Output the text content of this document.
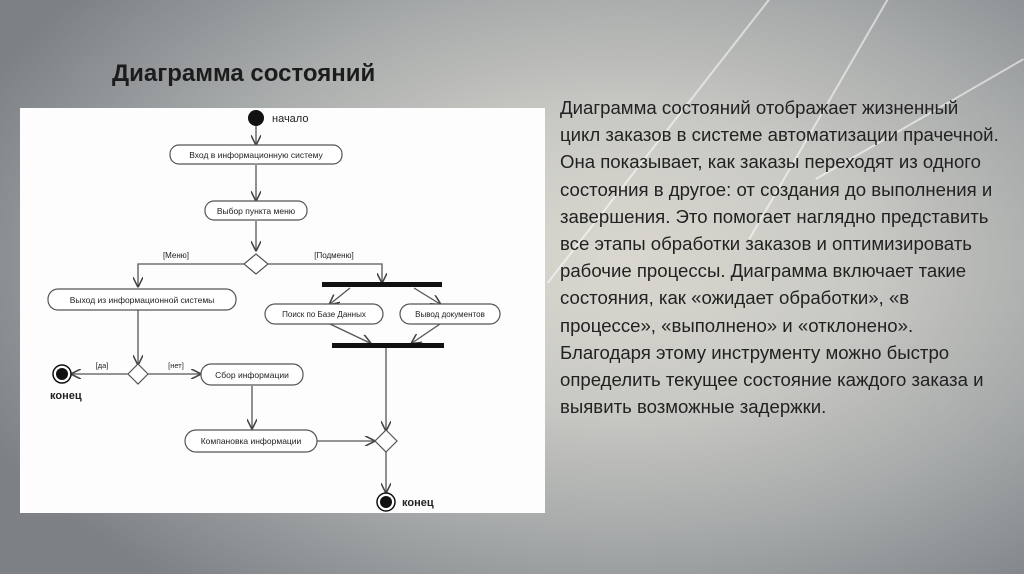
Диаграмма состояний
начало
Вход в информационную систему
Выбор пункта меню
[Меню]	[Подменю]
Выход из информационной системы
Поиск по Базе Данных	Вывод документов
[да]	[нет]
конец
Сбор информации
Компановка информации
конец
Диаграмма состояний отображает жизненный цикл заказов в системе автоматизации прачечной. Она показывает, как заказы переходят из одного состояния в другое: от создания до выполнения и завершения. Это помогает наглядно представить все этапы обработки заказов и оптимизировать рабочие процессы. Диаграмма включает такие состояния, как «ожидает обработки», «в процессе», «выполнено» и «отклонено». Благодаря этому инструменту можно быстро определить текущее состояние каждого заказа и выявить возможные задержки.
